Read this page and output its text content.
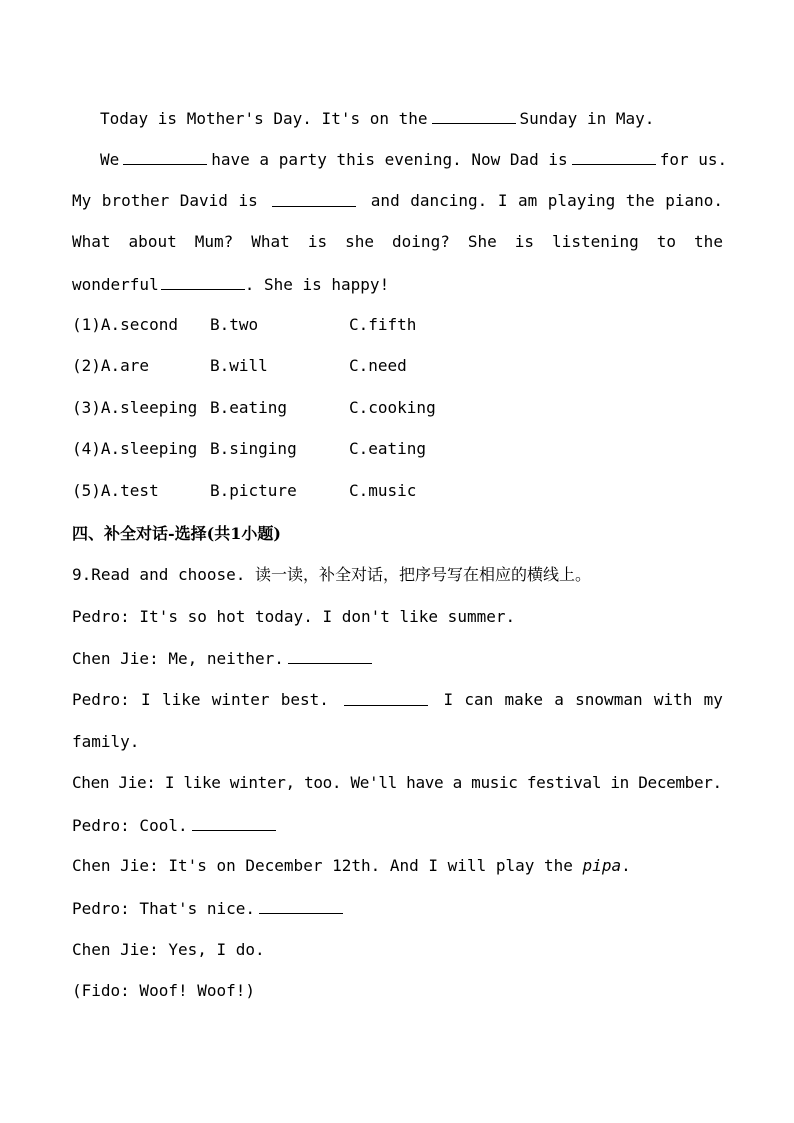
Today is Mother's Day. It's on the	Sunday in May.
We	have a party this evening. Now Dad is	for us.
My brother David is	and dancing. I am playing the piano.
What about Mum? What is she doing? She is listening to the
wonderful	. She is happy!
(1)A.second B.two	C.fifth
(2)A.are	B.will	C.need
(3)A.sleeping B.eating	C.cooking
(4)A.sleeping B.singing	C.eating
(5)A.test	B.picture	C.music
四、补全对话-选择(共1小题)
9.Read and choose. 读一读，补全对话，把序号写在相应的横线上。
Pedro: It's so hot today. I don't like summer.
Chen Jie: Me, neither.
Pedro: I like winter best.	I can make a snowman with my
family.
Chen Jie: I like winter, too. We'll have a music festival in December.
Pedro: Cool.
Chen Jie: It's on December 12th. And I will play the pipa.
Pedro: That's nice.
Chen Jie: Yes, I do.
(Fido: Woof! Woof!)
